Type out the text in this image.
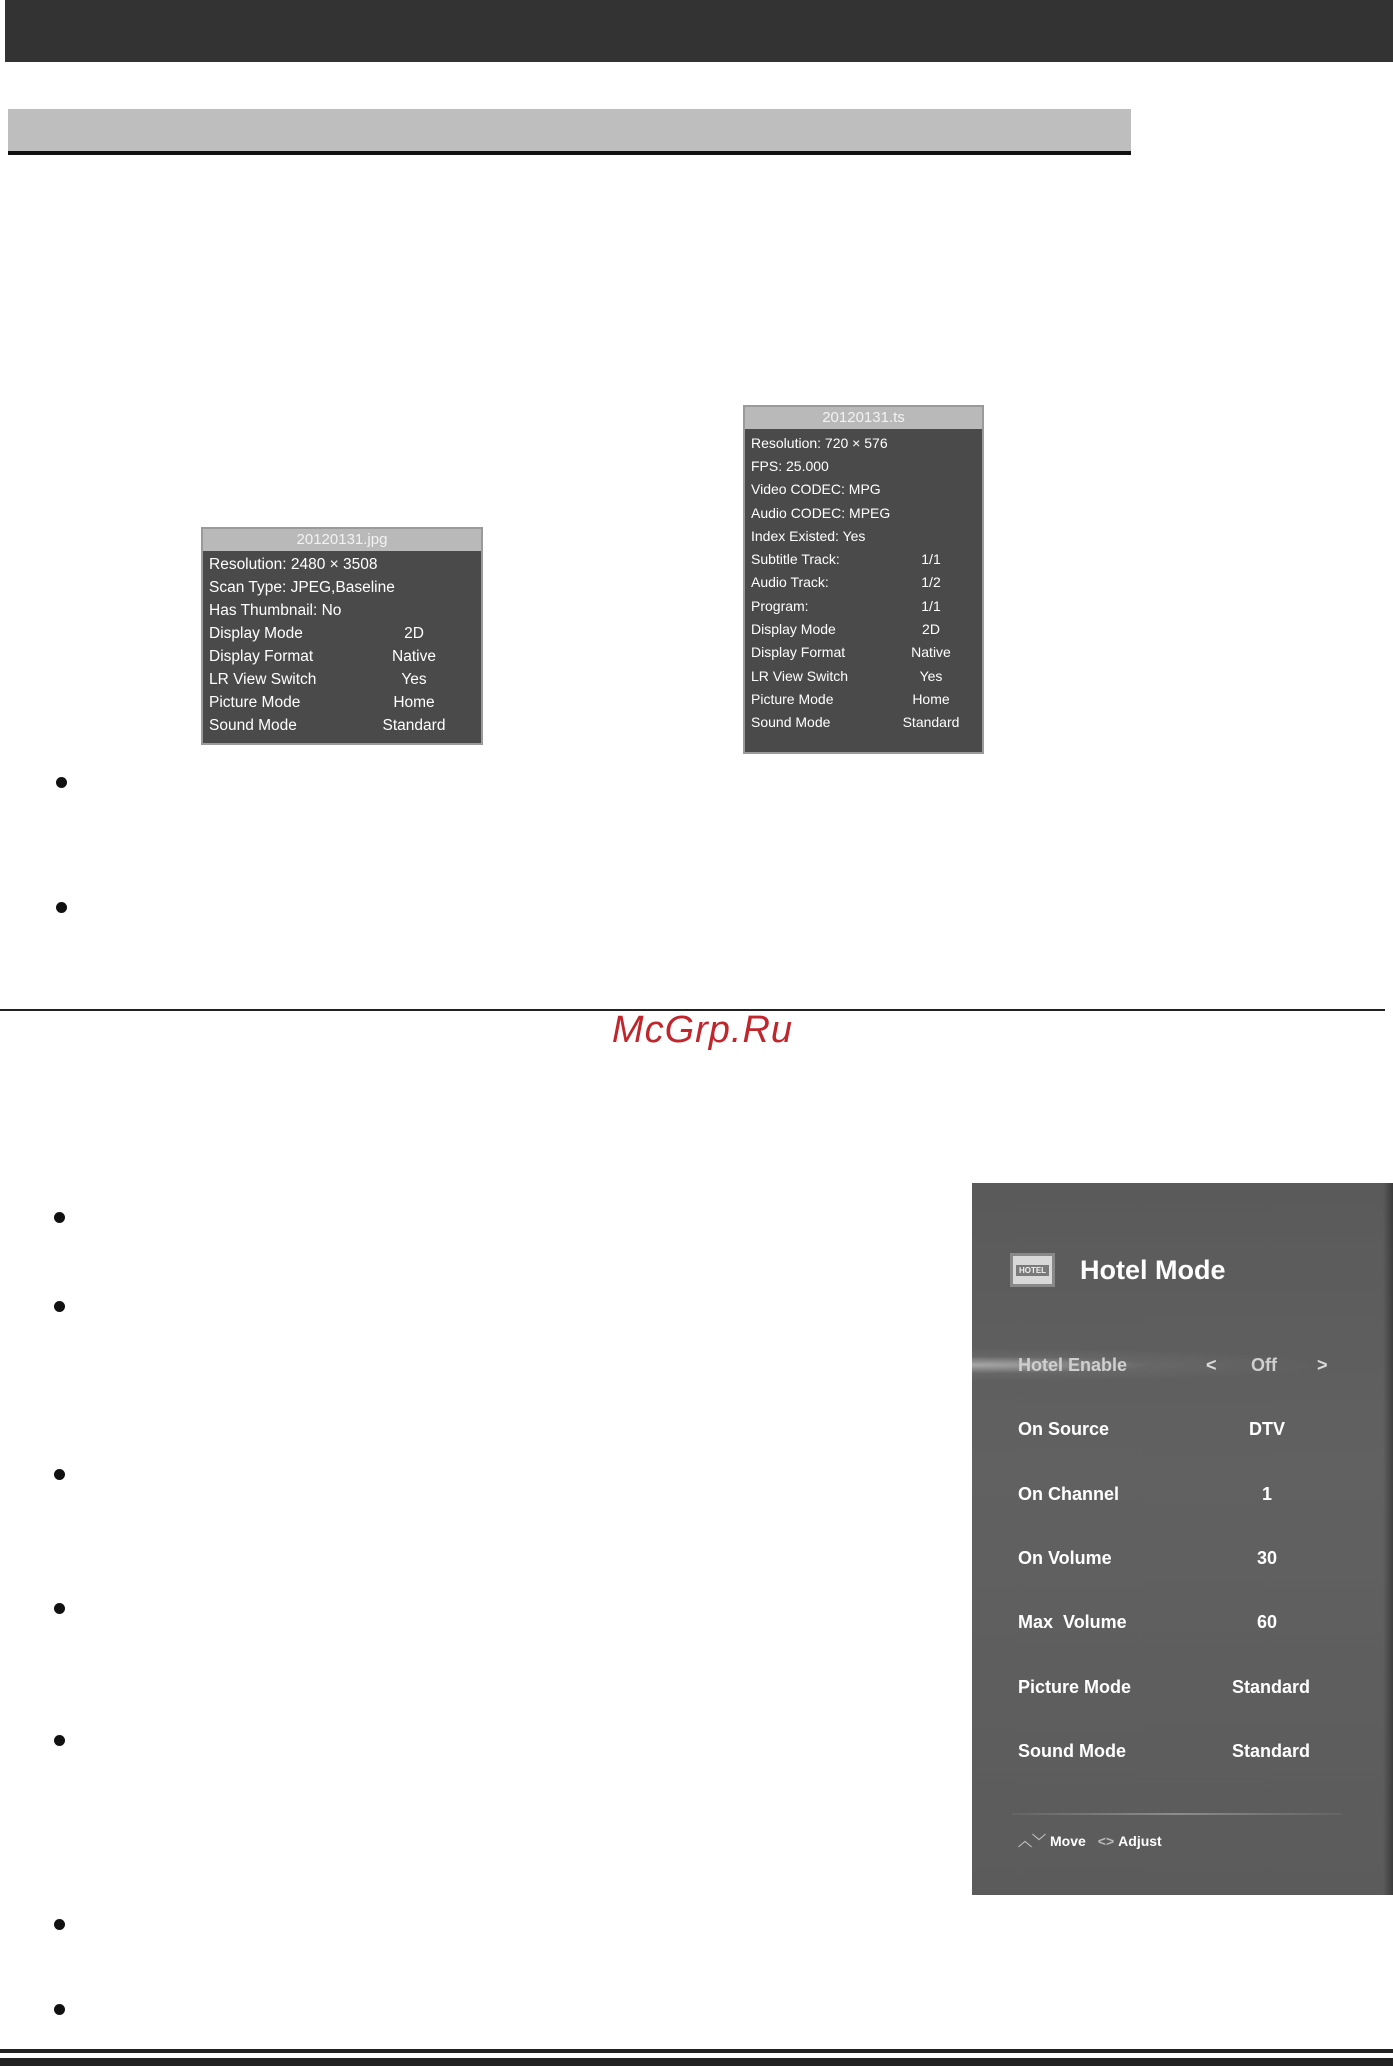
20120131.jpg
Resolution: 2480 × 3508
Scan Type: JPEG,Baseline
Has Thumbnail: No
Display Mode	2D
Display Format	Native
LR View Switch	Yes
Picture Mode	Home
Sound Mode	Standard
20120131.ts
Resolution: 720 × 576
FPS: 25.000
Video CODEC: MPG
Audio CODEC: MPEG
Index Existed: Yes
Subtitle Track:	1/1
Audio Track:	1/2
Program:	1/1
Display Mode	2D
Display Format	Native
LR View Switch	Yes
Picture Mode	Home
Sound Mode	Standard
McGrp.Ru
HOTEL Hotel Mode
Hotel Enable	< Off >
On Source	DTV
On Channel	1
On Volume	30
Max  Volume	60
Picture Mode	Standard
Sound Mode	Standard
︿﹀ Move <> Adjust
